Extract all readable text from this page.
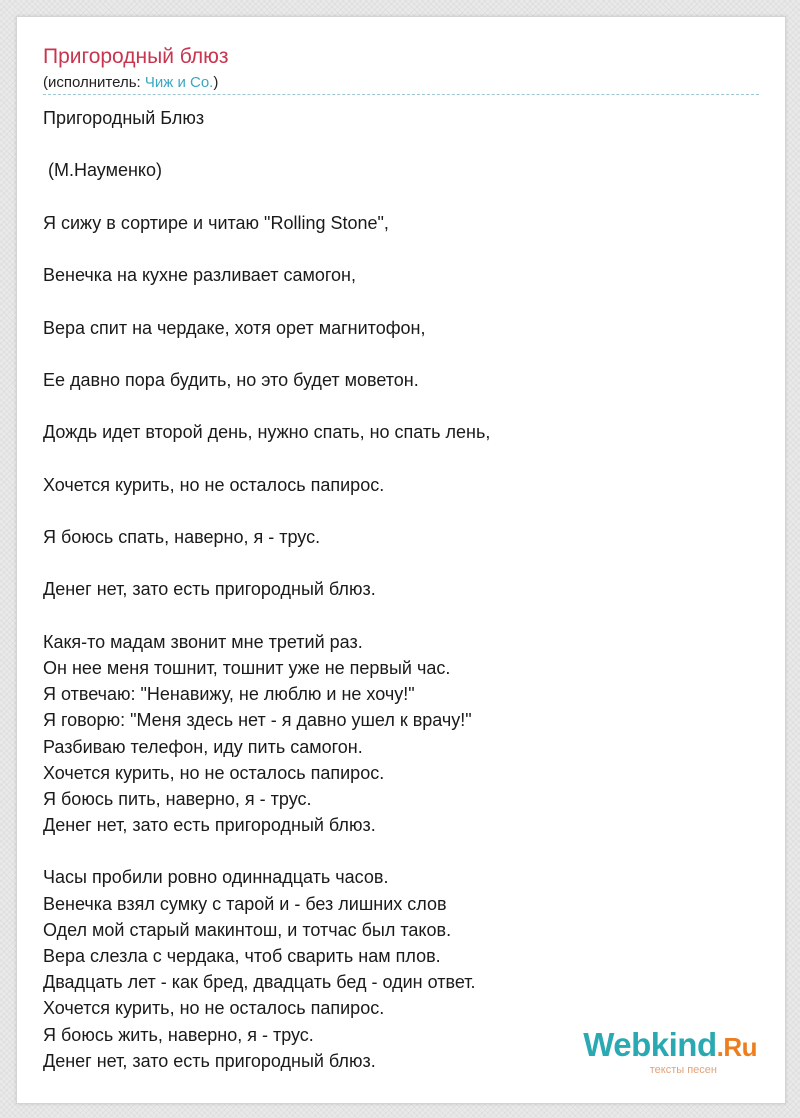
Пригородный блюз
(исполнитель: Чиж и Co.)
Пригородный Блюз
(М.Науменко)
Я сижу в сортире и читаю "Rolling Stone",
Венечка на кухне разливает самогон,
Вера спит на чердаке, хотя орет магнитофон,
Ее давно пора будить, но это будет моветон.
Дождь идет второй день, нужно спать, но спать лень,
Хочется курить, но не осталось папирос.
Я боюсь спать, наверно, я - трус.
Денег нет, зато есть пригородный блюз.
Какя-то мадам звонит мне третий раз.
Он нее меня тошнит, тошнит уже не первый час.
Я отвечаю: "Ненавижу, не люблю и не хочу!"
Я говорю: "Меня здесь нет - я давно ушел к врачу!"
Разбиваю телефон, иду пить самогон.
Хочется курить, но не осталось папирос.
Я боюсь пить, наверно, я - трус.
Денег нет, зато есть пригородный блюз.
Часы пробили ровно одиннадцать часов.
Венечка взял сумку с тарой и - без лишних слов
Одел мой старый макинтош, и тотчас был таков.
Вера слезла с чердака, чтоб сварить нам плов.
Двадцать лет - как бред, двадцать бед - один ответ.
Хочется курить, но не осталось папирос.
Я боюсь жить, наверно, я - трус.
Денег нет, зато есть пригородный блюз.	Webkind.Ru
тексты песен
